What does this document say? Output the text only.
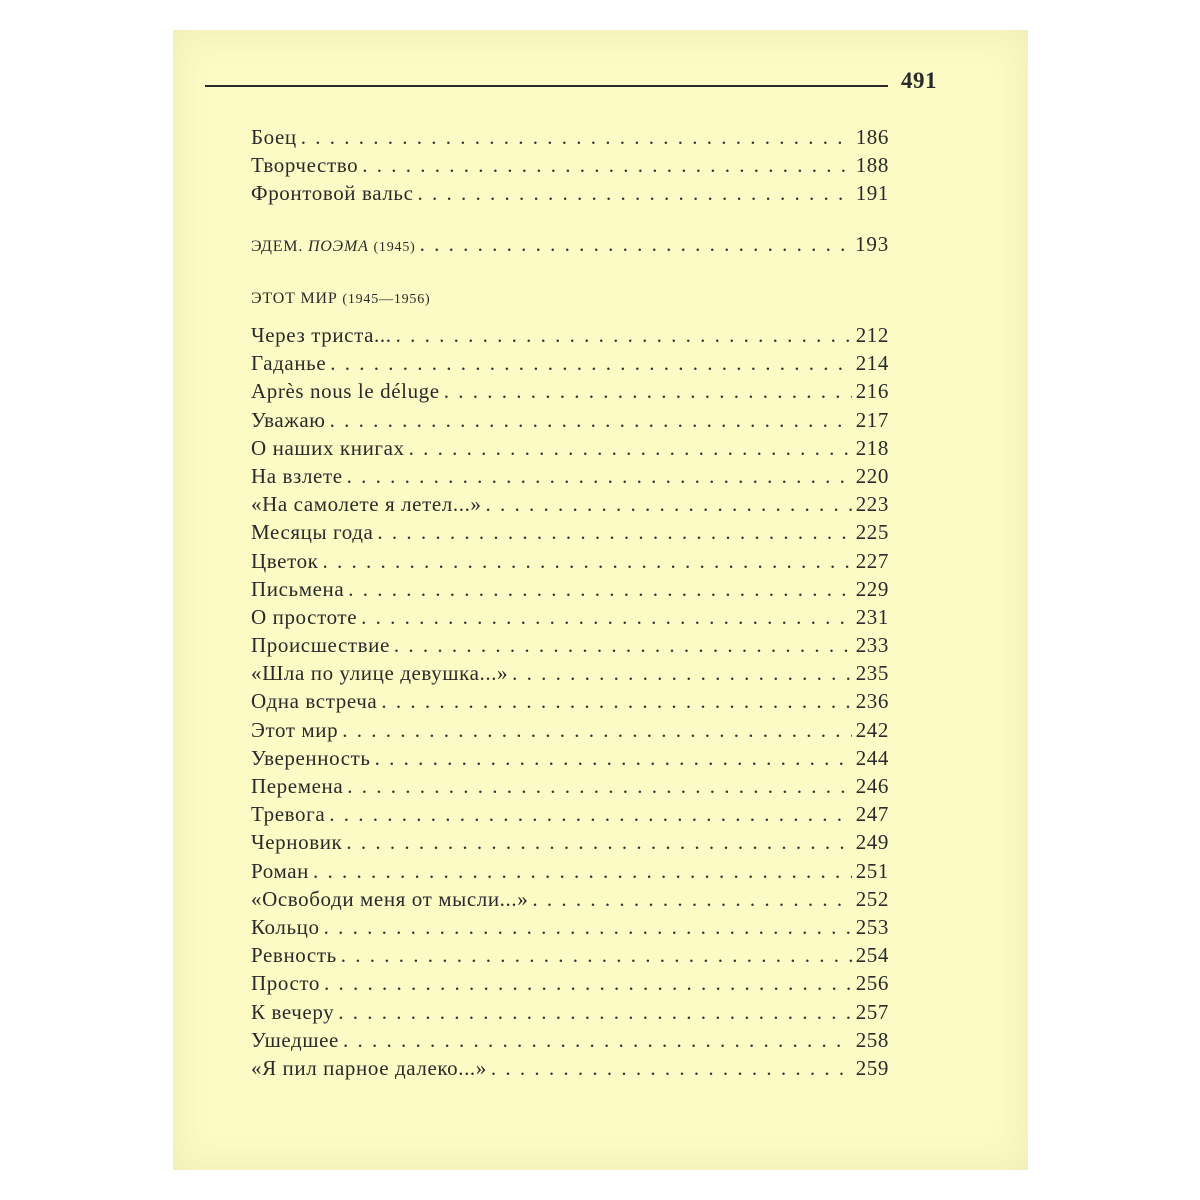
491
Боец . . .	186
Творчество . . .	188
Фронтовой вальс . . .	191
ЭДЕМ. ПОЭМА (1945) . . .	193
ЭТОТ МИР (1945—1956)
Через триста... . . .	212
Гаданье . . .	214
Après nous le déluge . . .	216
Уважаю . . .	217
О наших книгах . . .	218
На взлете . . .	220
«На самолете я летел...» . . .	223
Месяцы года . . .	225
Цветок . . .	227
Письмена . . .	229
О простоте . . .	231
Происшествие . . .	233
«Шла по улице девушка...» . . .	235
Одна встреча . . .	236
Этот мир . . .	242
Уверенность . . .	244
Перемена . . .	246
Тревога . . .	247
Черновик . . .	249
Роман . . .	251
«Освободи меня от мысли...» . . .	252
Кольцо . . .	253
Ревность . . .	254
Просто . . .	256
К вечеру . . .	257
Ушедшее . . .	258
«Я пил парное далеко...» . . .	259
